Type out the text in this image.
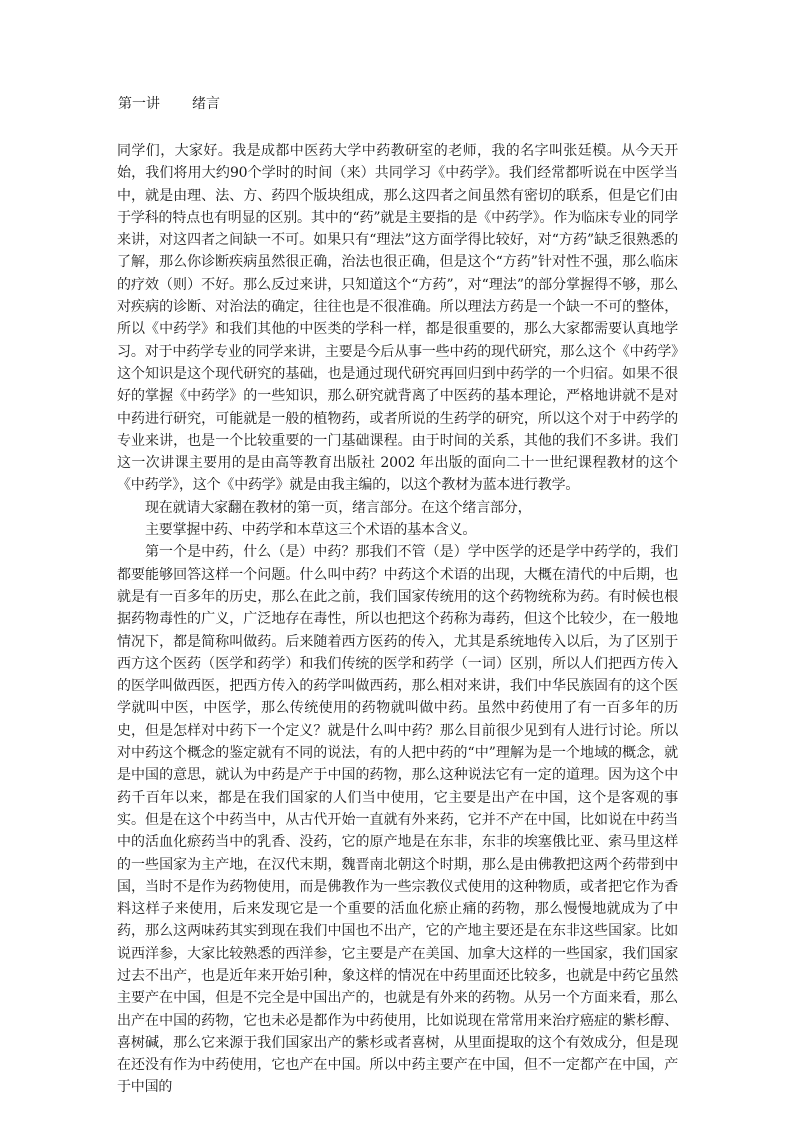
第一讲 绪言

同学们，大家好。我是成都中医药大学中药教研室的老师，我的名字叫张廷模。从今天开始，我们将用大约90个学时的时间（来）共同学习《中药学》。我们经常都听说在中医学当中，就是由理、法、方、药四个版块组成，那么这四者之间虽然有密切的联系，但是它们由于学科的特点也有明显的区别。其中的“药”就是主要指的是《中药学》。作为临床专业的同学来讲，对这四者之间缺一不可。如果只有“理法”这方面学得比较好，对“方药”缺乏很熟悉的了解，那么你诊断疾病虽然很正确，治法也很正确，但是这个“方药”针对性不强，那么临床的疗效（则）不好。那么反过来讲，只知道这个“方药”，对“理法”的部分掌握得不够，那么对疾病的诊断、对治法的确定，往往也是不很准确。所以理法方药是一个缺一不可的整体，所以《中药学》和我们其他的中医类的学科一样，都是很重要的，那么大家都需要认真地学习。对于中药学专业的同学来讲，主要是今后从事一些中药的现代研究，那么这个《中药学》这个知识是这个现代研究的基础，也是通过现代研究再回归到中药学的一个归宿。如果不很好的掌握《中药学》的一些知识，那么研究就背离了中医药的基本理论，严格地讲就不是对中药进行研究，可能就是一般的植物药，或者所说的生药学的研究，所以这个对于中药学的专业来讲，也是一个比较重要的一门基础课程。由于时间的关系，其他的我们不多讲。我们这一次讲课主要用的是由高等教育出版社 2002 年出版的面向二十一世纪课程教材的这个《中药学》，这个《中药学》就是由我主编的，以这个教材为蓝本进行教学。

现在就请大家翻在教材的第一页，绪言部分。在这个绪言部分，

主要掌握中药、中药学和本草这三个术语的基本含义。

第一个是中药，什么（是）中药？那我们不管（是）学中医学的还是学中药学的，我们都要能够回答这样一个问题。什么叫中药？中药这个术语的出现，大概在清代的中后期，也就是有一百多年的历史，那么在此之前，我们国家传统用的这个药物统称为药。有时候也根据药物毒性的广义，广泛地存在毒性，所以也把这个药称为毒药，但这个比较少，在一般地情况下，都是简称叫做药。后来随着西方医药的传入，尤其是系统地传入以后，为了区别于西方这个医药（医学和药学）和我们传统的医学和药学（一词）区别，所以人们把西方传入的医学叫做西医，把西方传入的药学叫做西药，那么相对来讲，我们中华民族固有的这个医学就叫中医，中医学，那么传统使用的药物就叫做中药。虽然中药使用了有一百多年的历史，但是怎样对中药下一个定义？就是什么叫中药？那么目前很少见到有人进行讨论。所以对中药这个概念的鉴定就有不同的说法，有的人把中药的“中”理解为是一个地域的概念，就是中国的意思，就认为中药是产于中国的药物，那么这种说法它有一定的道理。因为这个中药千百年以来，都是在我们国家的人们当中使用，它主要是出产在中国，这个是客观的事实。但是在这个中药当中，从古代开始一直就有外来药，它并不产在中国，比如说在中药当中的活血化瘀药当中的乳香、没药，它的原产地是在东非，东非的埃塞俄比亚、索马里这样的一些国家为主产地，在汉代末期，魏晋南北朝这个时期，那么是由佛教把这两个药带到中国，当时不是作为药物使用，而是佛教作为一些宗教仪式使用的这种物质，或者把它作为香料这样子来使用，后来发现它是一个重要的活血化瘀止痛的药物，那么慢慢地就成为了中药，那么这两味药其实到现在我们中国也不出产，它的产地主要还是在东非这些国家。比如说西洋参，大家比较熟悉的西洋参，它主要是产在美国、加拿大这样的一些国家，我们国家过去不出产，也是近年来开始引种，象这样的情况在中药里面还比较多，也就是中药它虽然主要产在中国，但是不完全是中国出产的，也就是有外来的药物。从另一个方面来看，那么出产在中国的药物，它也未必是都作为中药使用，比如说现在常常用来治疗癌症的紫杉醇、喜树碱，那么它来源于我们国家出产的紫杉或者喜树，从里面提取的这个有效成分，但是现在还没有作为中药使用，它也产在中国。所以中药主要产在中国，但不一定都产在中国，产于中国的
